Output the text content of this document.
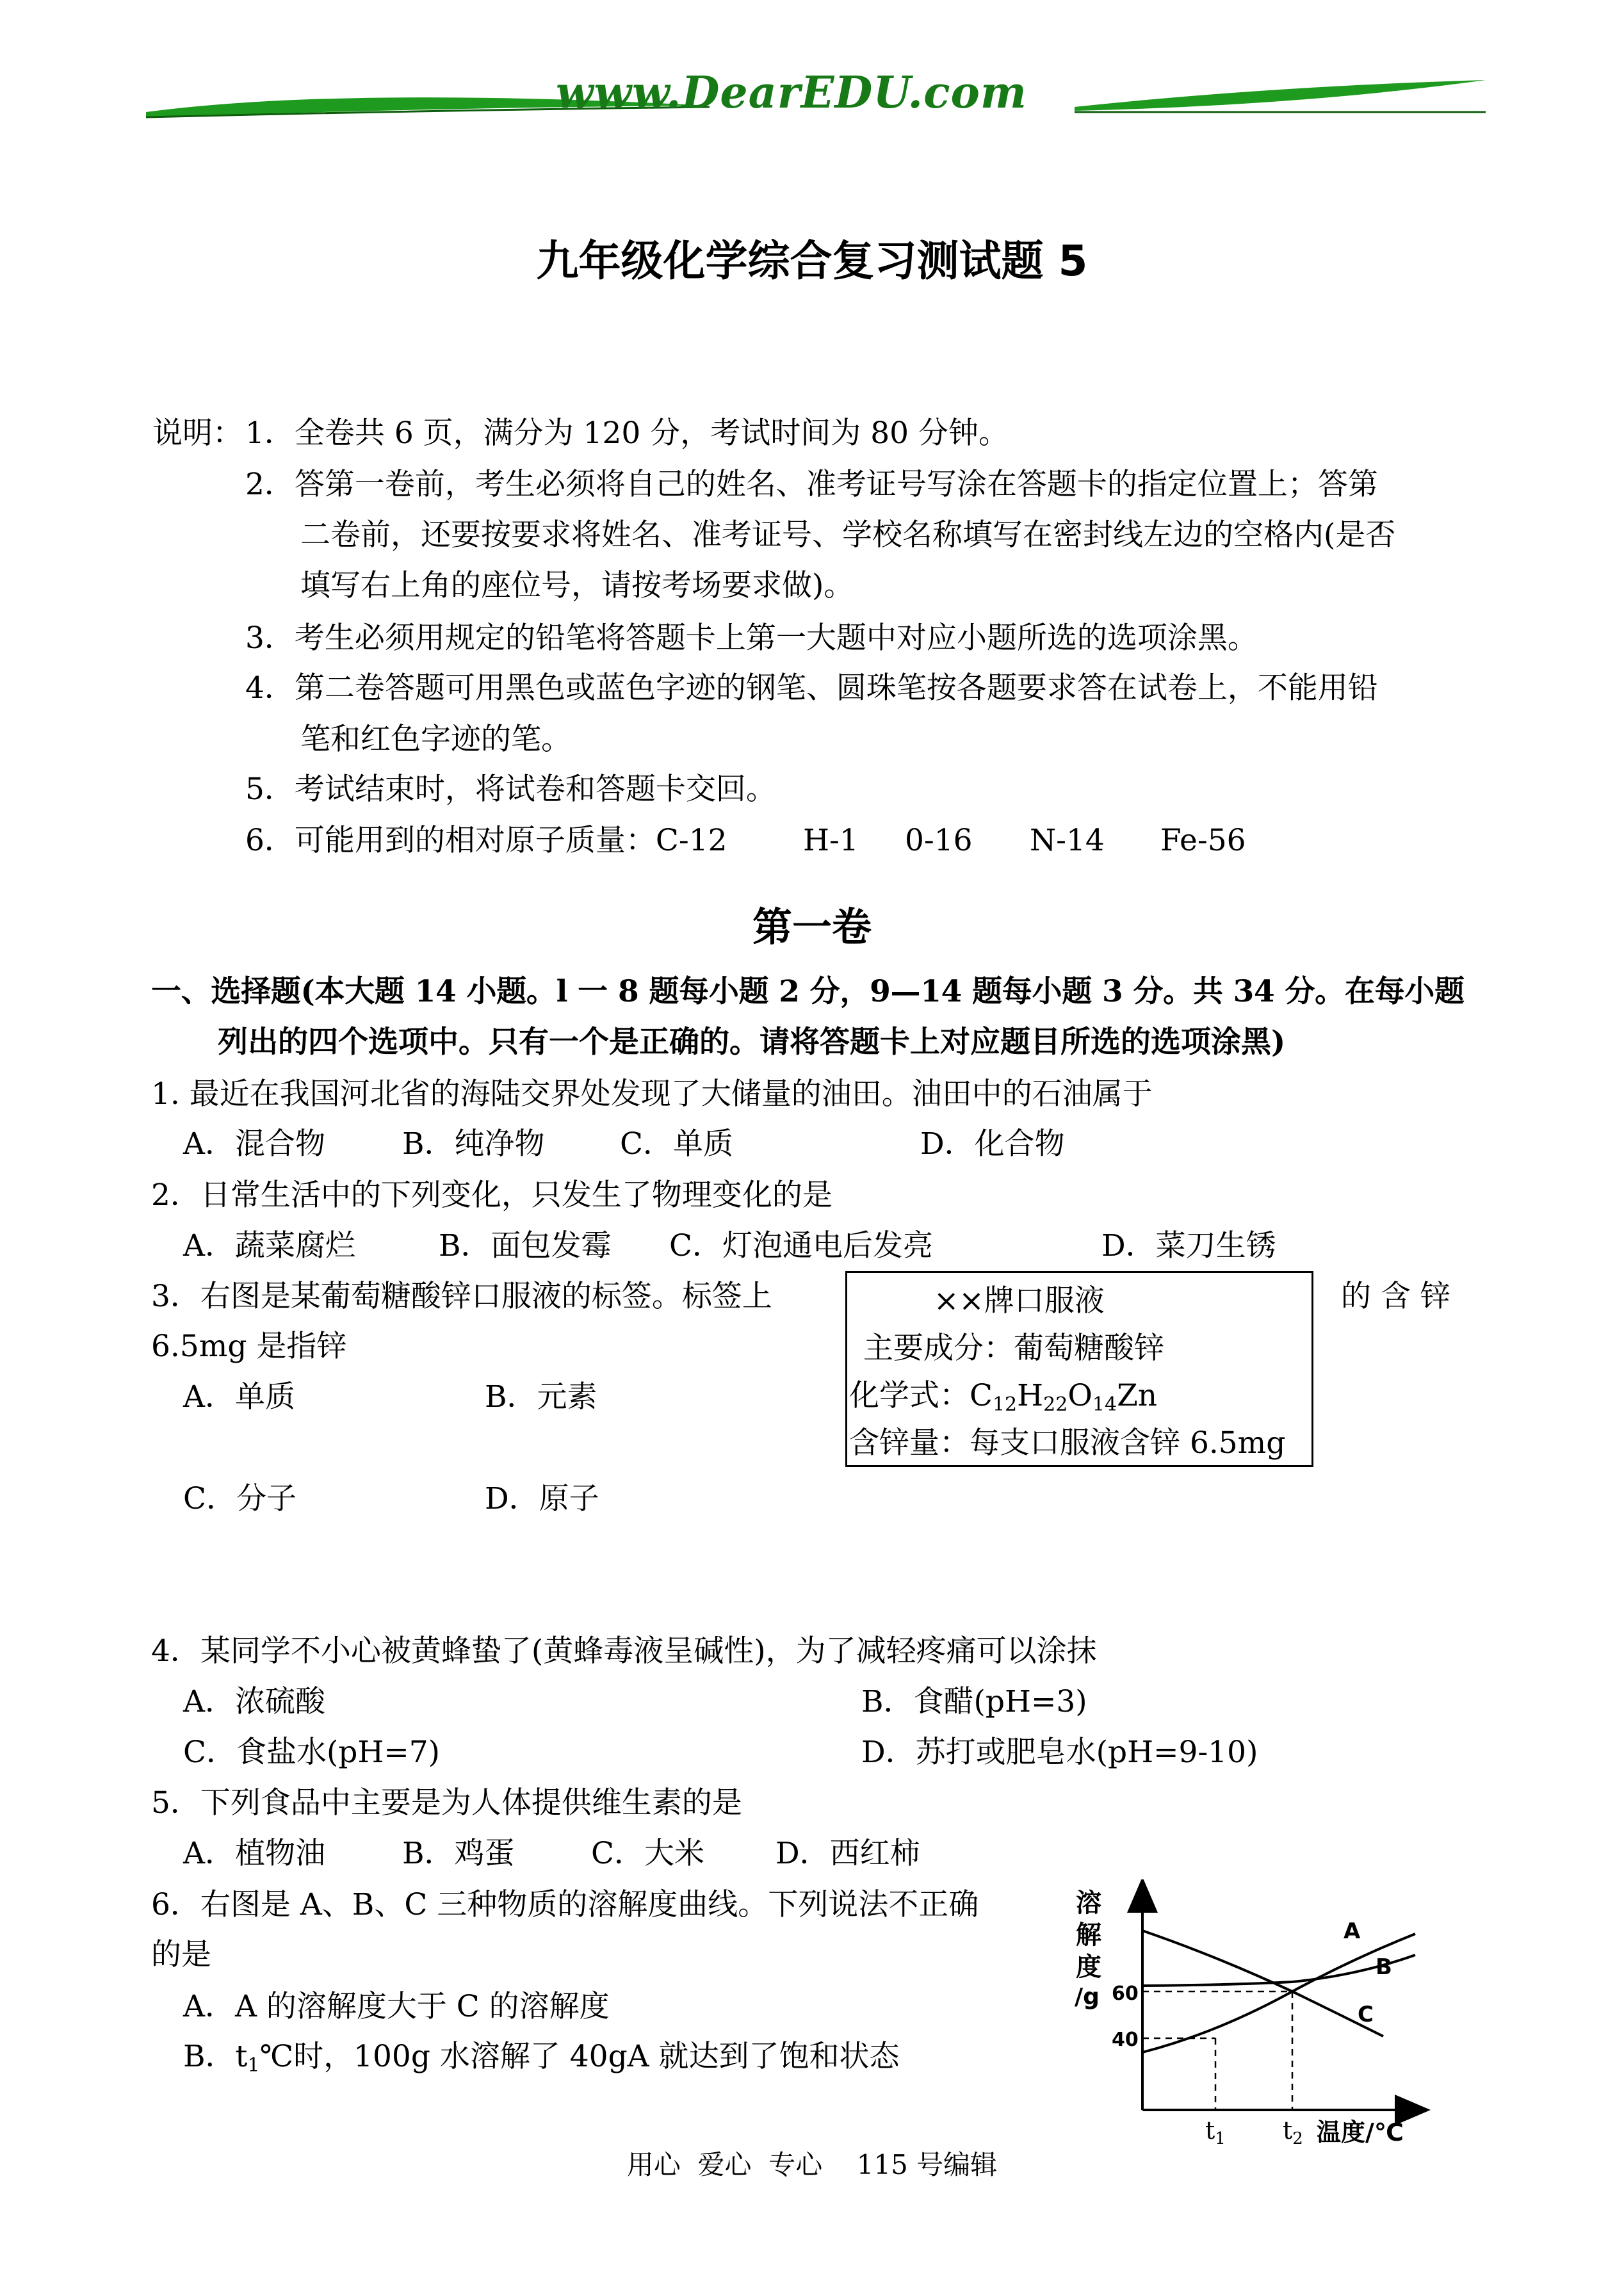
www.DearEDU.com
九年级化学综合复习测试题 5
说明： 1．全卷共 6 页，满分为 120 分，考试时间为 80 分钟。
2．答第一卷前，考生必须将自己的姓名、准考证号写涂在答题卡的指定位置上；答第
二卷前，还要按要求将姓名、准考证号、学校名称填写在密封线左边的空格内(是否
填写右上角的座位号，请按考场要求做)。
3．考生必须用规定的铅笔将答题卡上第一大题中对应小题所选的选项涂黑。
4．第二卷答题可用黑色或蓝色字迹的钢笔、圆珠笔按各题要求答在试卷上，不能用铅
笔和红色字迹的笔。
5．考试结束时，将试卷和答题卡交回。
6．可能用到的相对原子质量：C-12	H-1 0-16 N-14 Fe-56
第一卷
一、选择题(本大题 14 小题。l 一 8 题每小题 2 分，9—14 题每小题 3 分。共 34 分。在每小题
列出的四个选项中。只有一个是正确的。请将答题卡上对应题目所选的选项涂黑)
1. 最近在我国河北省的海陆交界处发现了大储量的油田。油田中的石油属于
A．混合物	B．纯净物 C．单质	D．化合物
2．日常生活中的下列变化，只发生了物理变化的是
A．蔬菜腐烂	B．面包发霉 C．灯泡通电后发亮	D．菜刀生锈
3．右图是某葡萄糖酸锌口服液的标签。标签上	的 含 锌
6.5mg 是指锌
A．单质	B．元素
C．分子	D．原子
××牌口服液
主要成分：葡萄糖酸锌
化学式：$C_{12}H_{22}O_{14}Zn$
含锌量：每支口服液含锌 6.5mg
4．某同学不小心被黄蜂蛰了(黄蜂毒液呈碱性)，为了减轻疼痛可以涂抹
A．浓硫酸	B．食醋(pH=3)
C．食盐水(pH=7)	D．苏打或肥皂水(pH=9-10)
5．下列食品中主要是为人体提供维生素的是
A．植物油	B．鸡蛋	C．大米 D．西红柿
6．右图是 A、B、C 三种物质的溶解度曲线。下列说法不正确
的是
A．A 的溶解度大于 C 的溶解度
B．$t_1℃$时，100g 水溶解了 40gA 就达到了饱和状态
溶
解
度
/g 60
40
A
B
C
$t_1$ $t_2$ 温度/℃
用心  爱心  专心    115 号编辑
